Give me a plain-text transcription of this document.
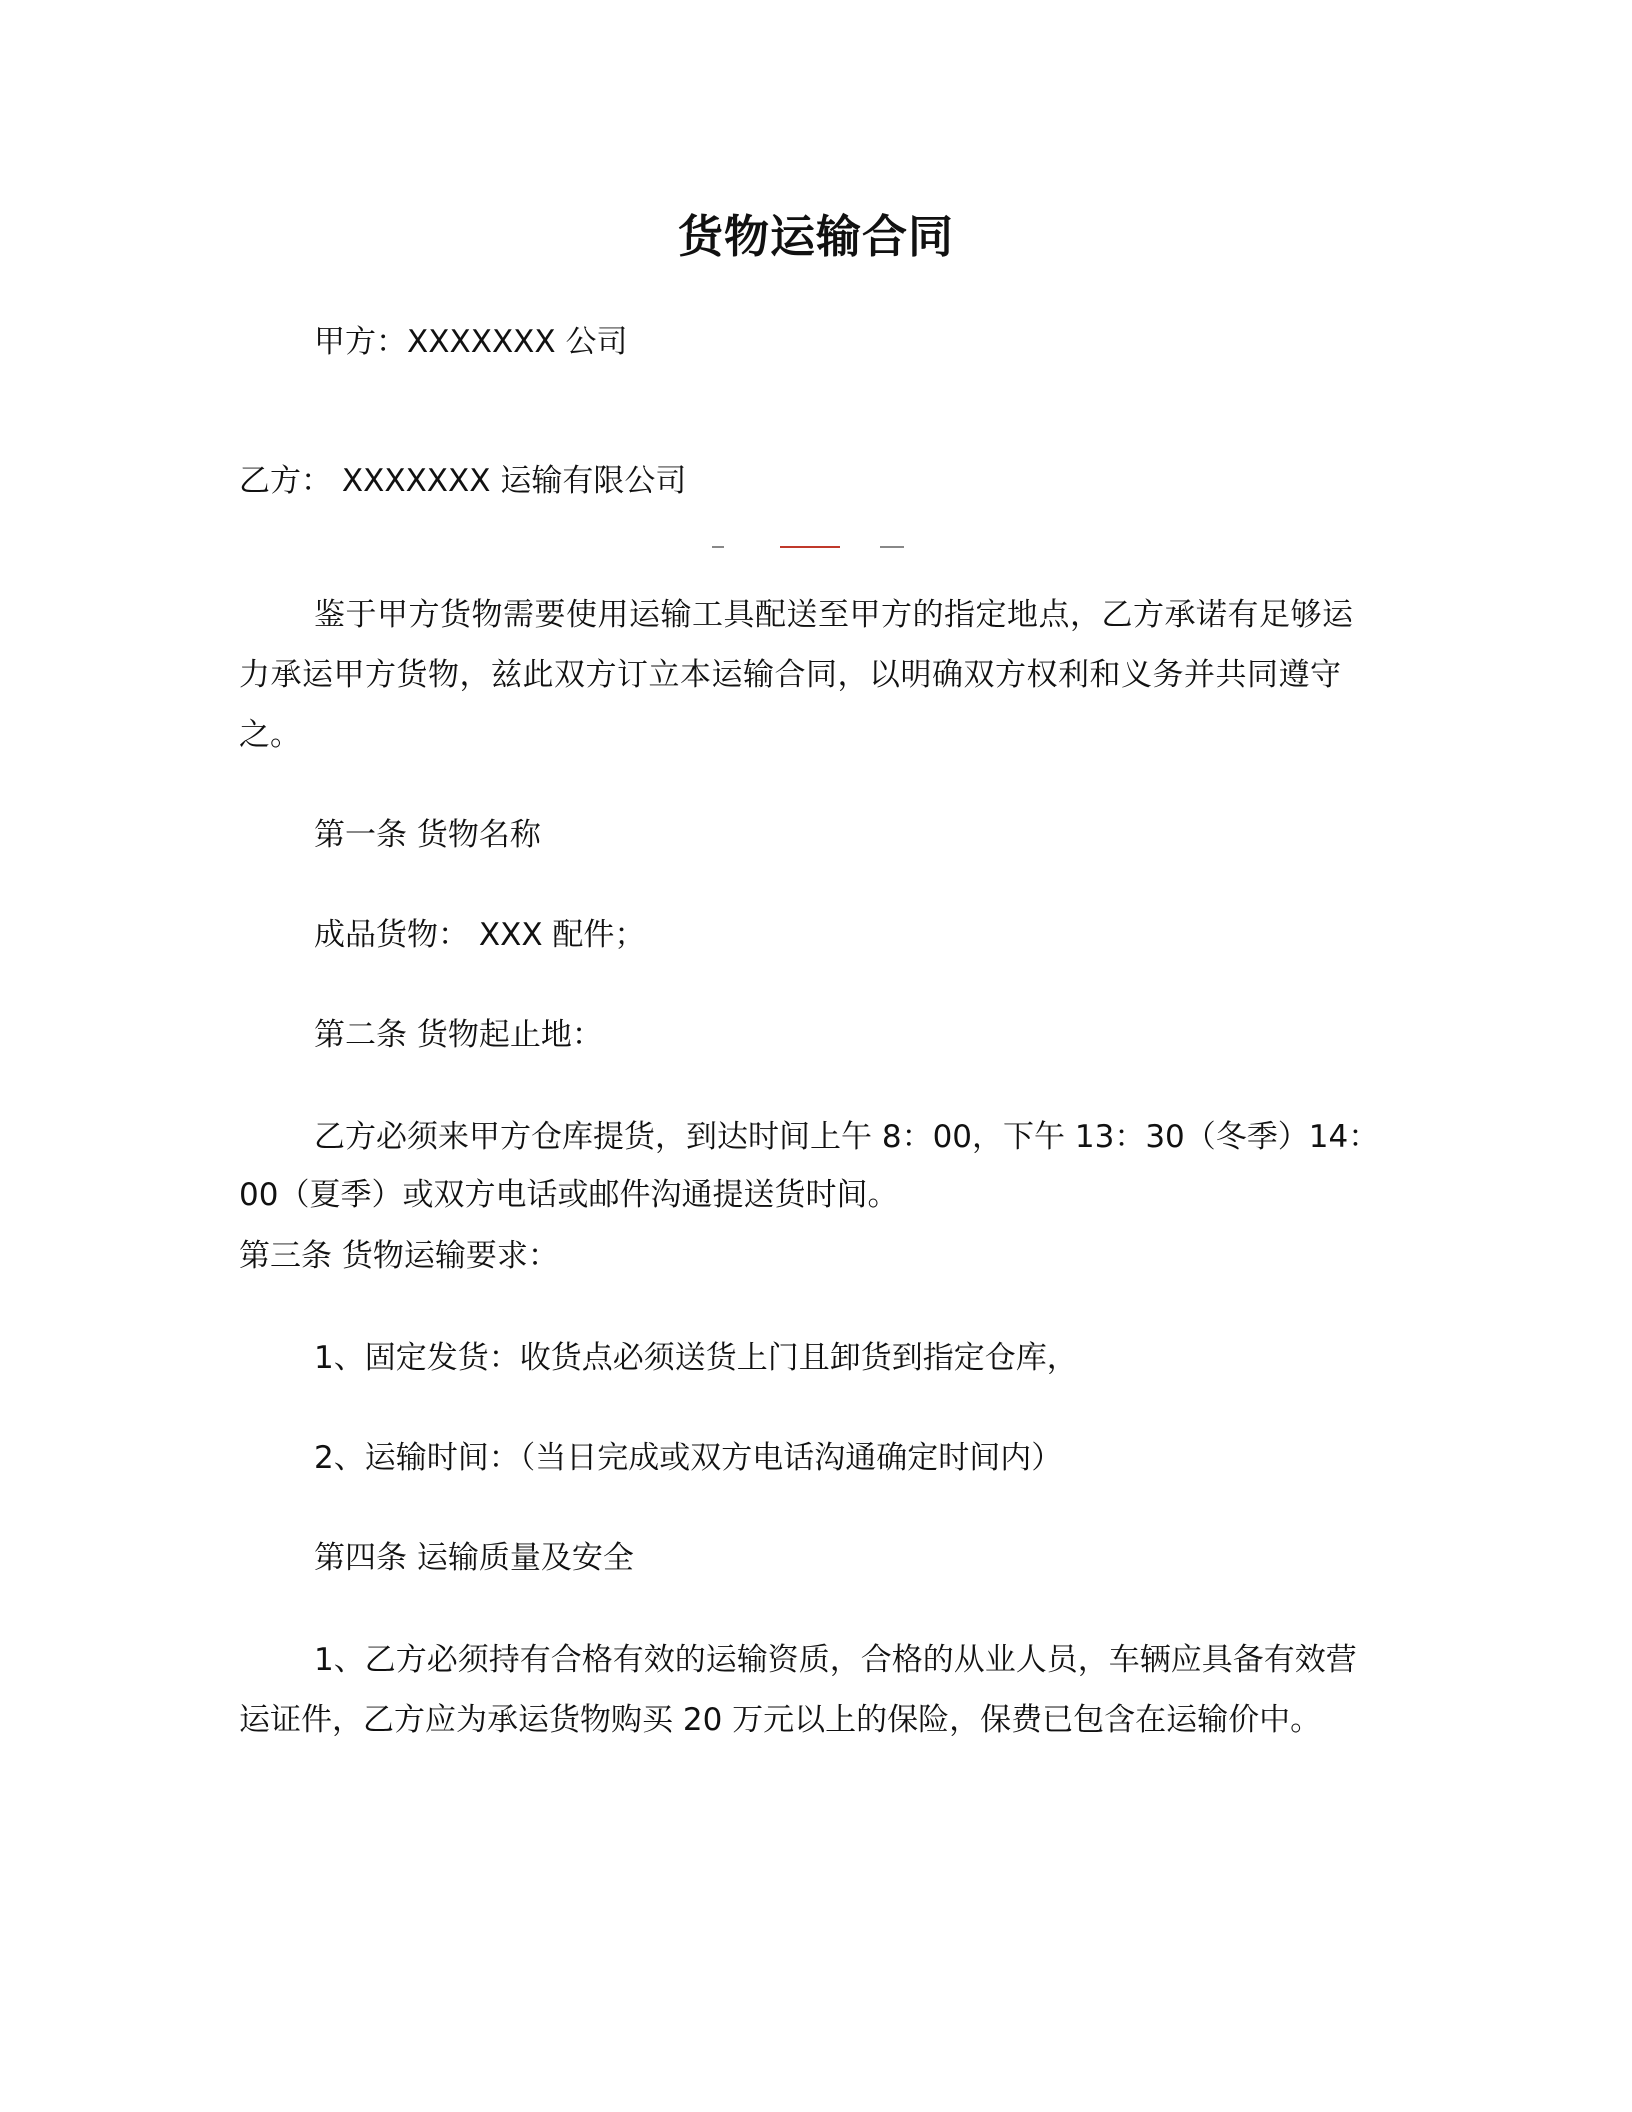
货物运输合同
甲方：XXXXXXX 公司
乙方： XXXXXXX 运输有限公司
鉴于甲方货物需要使用运输工具配送至甲方的指定地点，乙方承诺有足够运
力承运甲方货物，兹此双方订立本运输合同，以明确双方权利和义务并共同遵守
之。
第一条 货物名称
成品货物： XXX 配件；
第二条 货物起止地：
乙方必须来甲方仓库提货，到达时间上午 8：00，下午 13：30（冬季）14：
00（夏季）或双方电话或邮件沟通提送货时间。
第三条 货物运输要求：
1、固定发货：收货点必须送货上门且卸货到指定仓库，
2、运输时间：（当日完成或双方电话沟通确定时间内）
第四条 运输质量及安全
1、乙方必须持有合格有效的运输资质，合格的从业人员，车辆应具备有效营
运证件，乙方应为承运货物购买 20 万元以上的保险，保费已包含在运输价中。
